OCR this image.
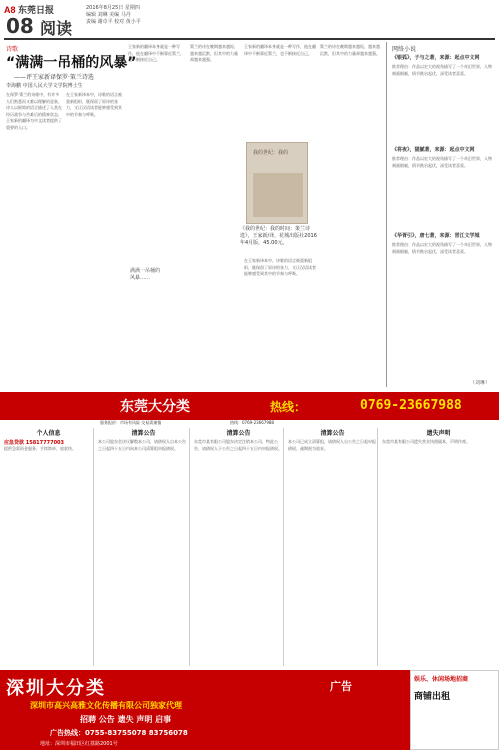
A8 东莞日报
08 阅读
2016年8月25日 星期四
编辑 刘琳 美编 马丹
责编 谢卓平 校对 黄小平
诗歌
“满满一吊桶的风暴”
——评王家新译保罗·策兰诗选
李海鹏 中国人民大学文学院博士生
在保罗·策兰的诗歌中，有许多人们熟悉而又难以理解的意象，诗人以极简的语言描述了人类在经历战争与苦难后的精神状态，王家新的翻译为中文读者提供了重要的入口。
在王家新译本中，诗歌的语言被重新组织，既保留了原诗的张力，又让汉语读者能够感受到其中的节奏与呼吸。
王家新的翻译本身就是一种写作，他在翻译中不断靠近策兰，也不断接近自己。
满满一吊桶的
风暴……
策兰的诗在晚期越来越短，越来越沉默，但其中的力量却越来越强。
王家新的翻译本身就是一种写作，他在翻译中不断靠近策兰，也不断接近自己。
我的世纪：我的
《我的世纪：我的时间：策兰诗选》，王家新/译，花城出版社2016年4月版，45.00元。
在王家新译本中，诗歌的语言被重新组织，既保留了原诗的张力，又让汉语读者能够感受到其中的节奏与呼吸。
策兰的诗在晚期越来越短，越来越沉默，但其中的力量却越来越强。	网络小说
《银狐》，子与之著，来源：起点中文网
推荐理由：作品以宏大的视角描写了一个奇幻世界，人物刻画细腻，情节跌宕起伏，深受读者喜爱。
《将夜》，猫腻著，来源：起点中文网
推荐理由：作品以宏大的视角描写了一个奇幻世界，人物刻画细腻，情节跌宕起伏，深受读者喜爱。
《华胥引》，唐七著，来源：晋江文学城
推荐理由：作品以宏大的视角描写了一个奇幻世界，人物刻画细腻，情节跌宕起伏，深受读者喜爱。
（刘琳）
东莞大分类	热线：	0769-23667988
服务报价：市场有风险 交易需谨慎	热线：0769-23667988
个人信息
应急贷款 15817777003
提供急需资金服务，手续简单，放款快。
清算公告
本公司股东会决议解散本公司，请债权人自本公告之日起四十五日内向本公司清算组申报债权。
清算公告
东莞市某有限公司股东决定注销本公司，特此公告，请债权人于公告之日起四十五日内申报债权。
清算公告
本公司已成立清算组，请债权人自公告之日起申报债权，逾期视为放弃。
遗失声明
东莞市某有限公司遗失营业执照副本，声明作废。
深圳大分类	广告
深圳市高兴高雅文化传播有限公司独家代理
招聘 公告 遗失 声明 启事
广告热线：0755-83755078 83756078
地址：深圳市福田区红荔路2001号
娱乐、休闲场地招商
商铺出租
